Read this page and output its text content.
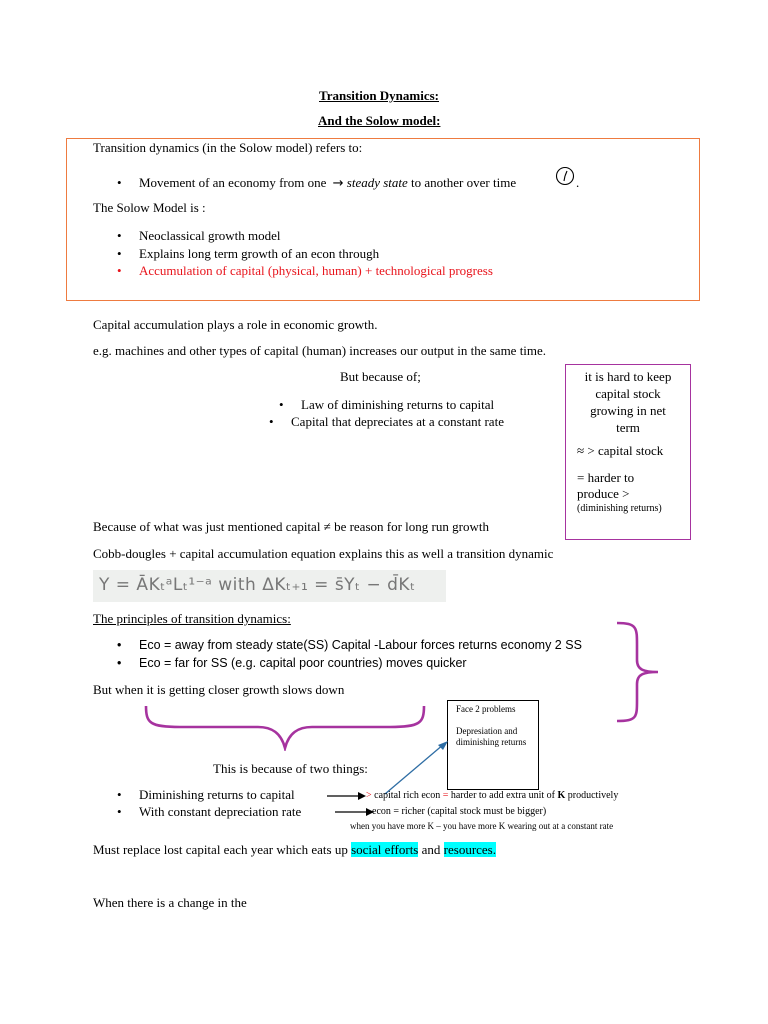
Transition Dynamics:
And the Solow model:
Transition dynamics (in the Solow model) refers to:
• Movement of an economy from one → steady state to another over time	.
The Solow Model is :
• Neoclassical growth model
• Explains long term growth of an econ through
• Accumulation of capital (physical, human) + technological progress
Capital accumulation plays a role in economic growth.
e.g. machines and other types of capital (human) increases our output in the same time.
But because of;
• Law of diminishing returns to capital
• Capital that depreciates at a constant rate
it is hard to keep
capital stock
growing in net
term
≈ > capital stock
= harder to
produce >
(diminishing returns)
Because of what was just mentioned capital ≠ be reason for long run growth
Cobb-dougles + capital accumulation equation explains this as well a transition dynamic
Y = ĀKₜᵃLₜ¹⁻ᵃ with ΔKₜ₊₁ = s̄Yₜ − d̄Kₜ
The principles of transition dynamics:
• Eco = away from steady state(SS) Capital -Labour forces returns economy 2 SS
• Eco = far for SS (e.g. capital poor countries) moves quicker
But when it is getting closer growth slows down
Face 2 problems
Depresiation and diminishing returns
This is because of two things:
• Diminishing returns to capital
• With constant depreciation rate
> capital rich econ = harder to add extra unit of K productively
econ = richer (capital stock must be bigger)
when you have more K – you have more K wearing out at a constant rate
Must replace lost capital each year which eats up social efforts and resources.
When there is a change in the
